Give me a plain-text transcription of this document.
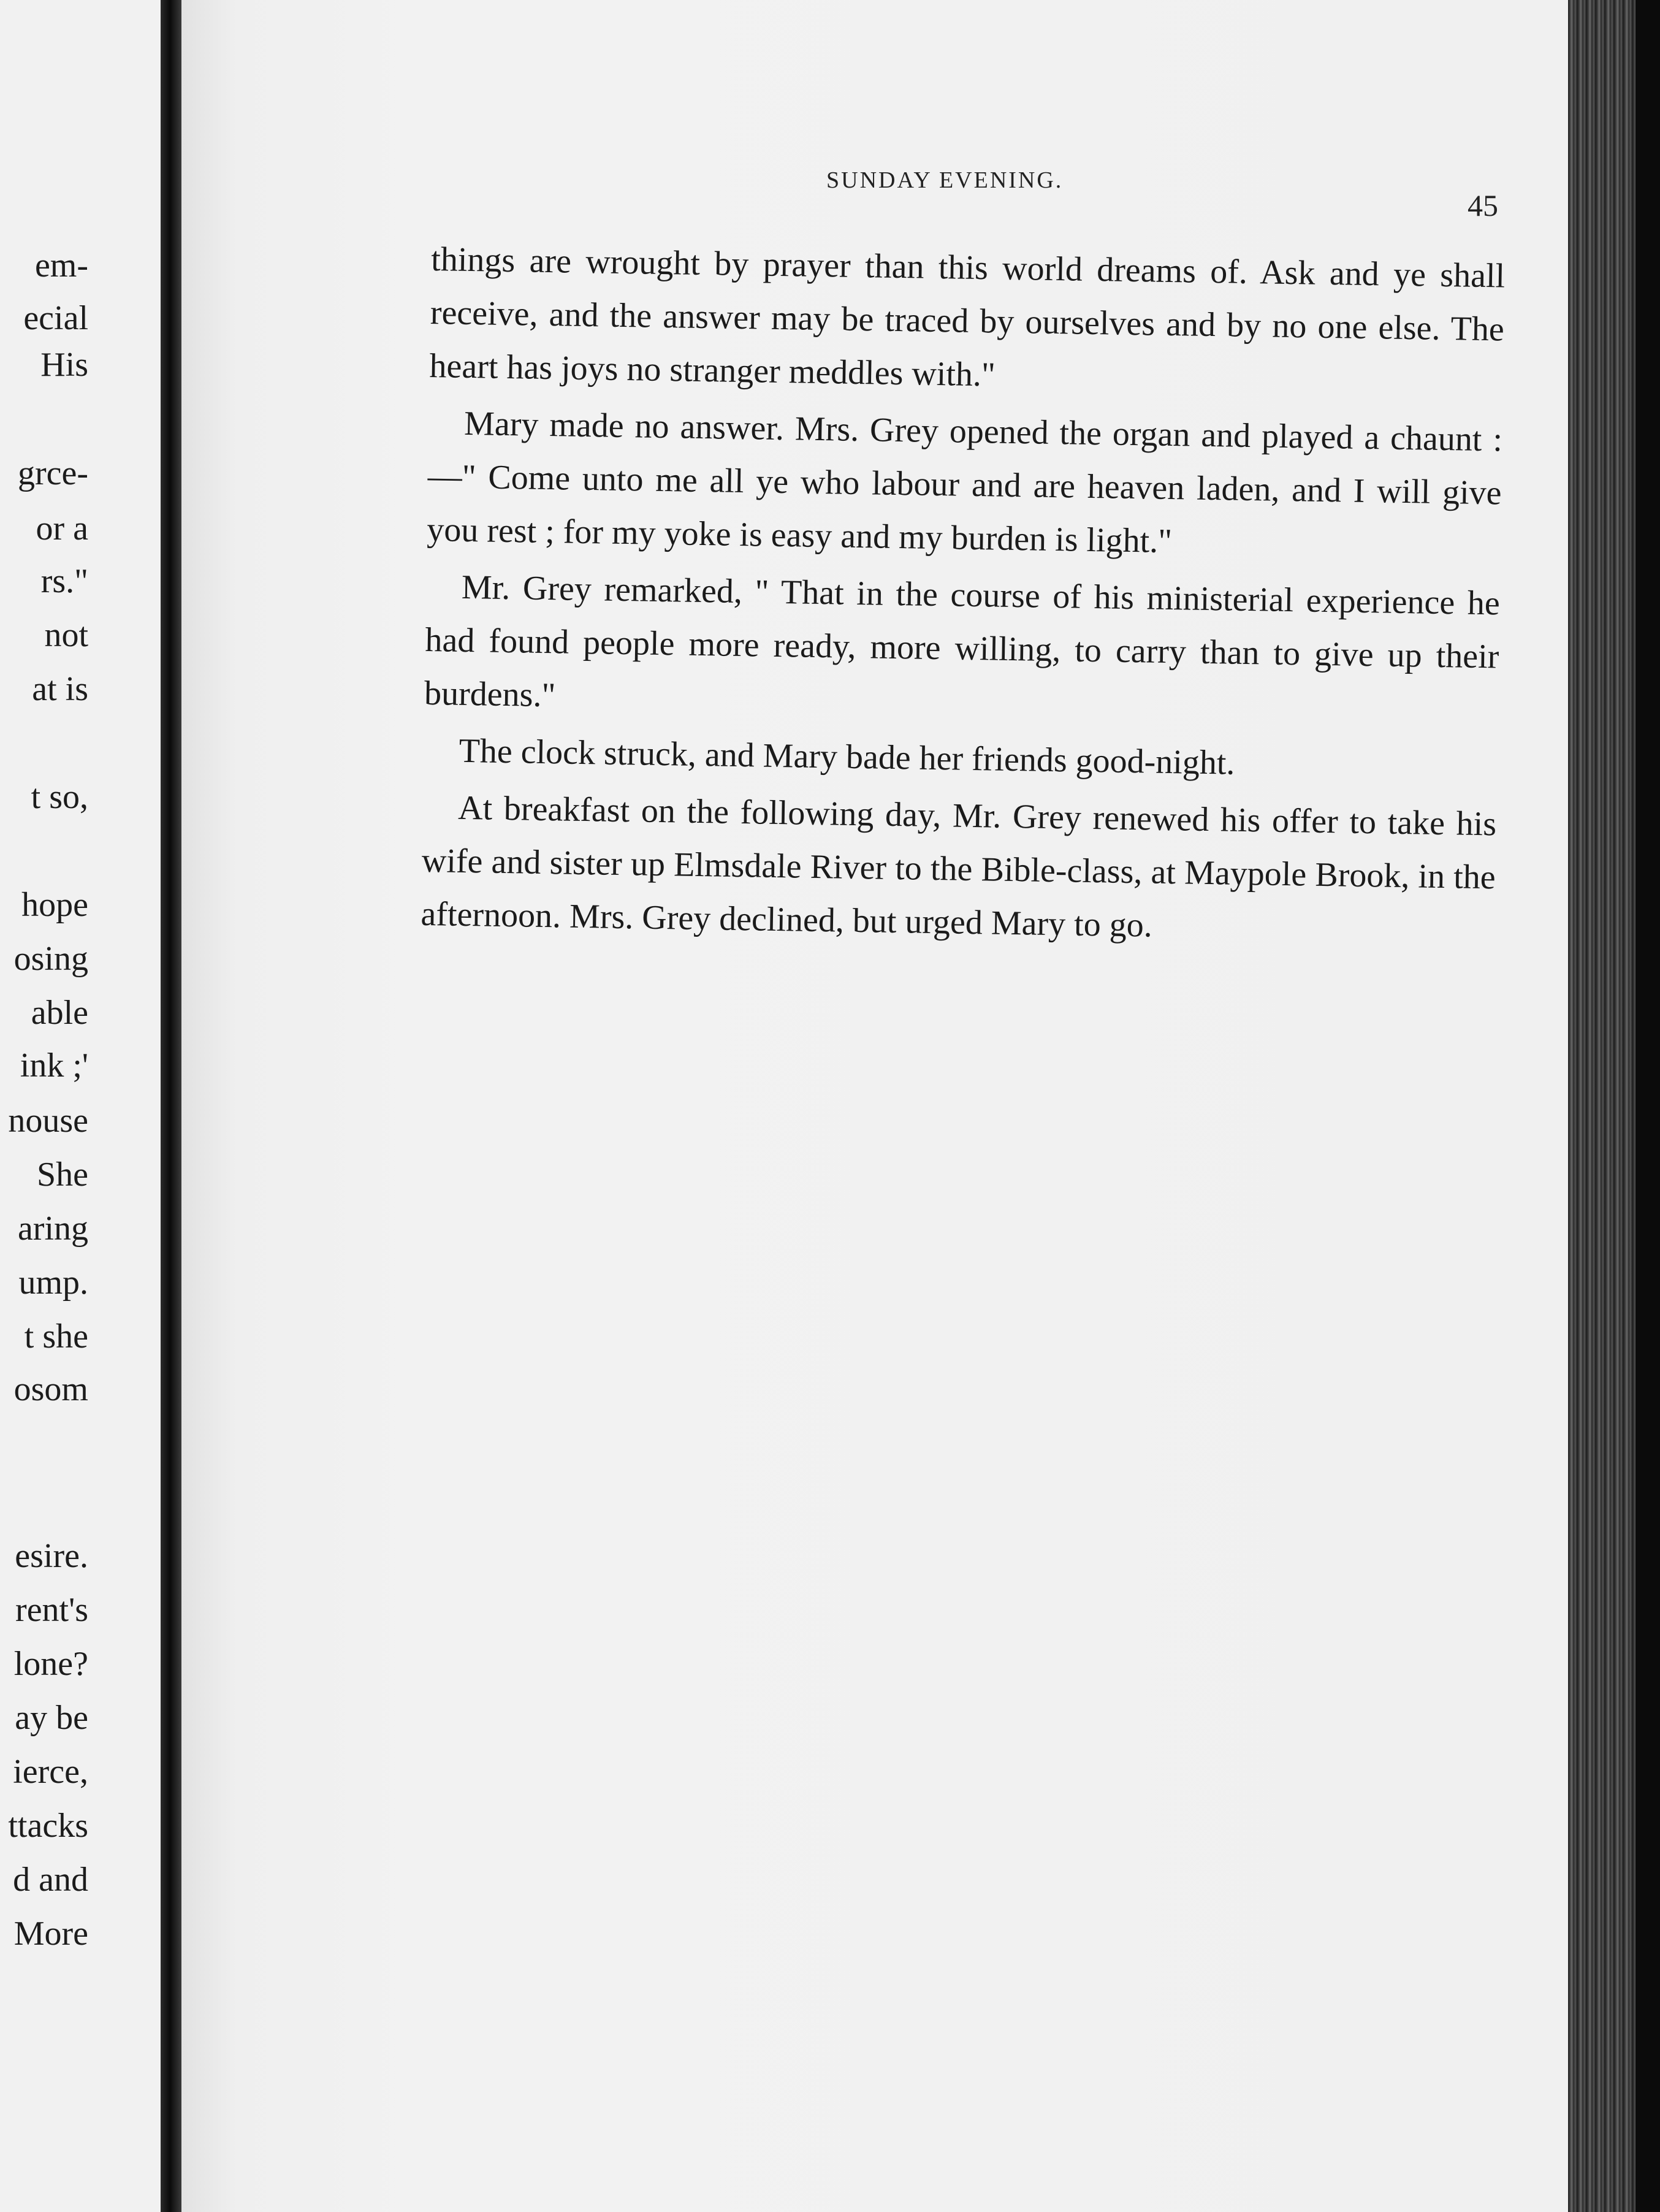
em-
ecial
His
grce-
or a
rs."
not
at is
t so,
hope
osing
able
ink ;'
nouse
She
aring
ump.
t she
osom
esire.
rent's
lone?
ay be
ierce,
ttacks
d and
More
SUNDAY EVENING.
45

things are wrought by prayer than this world dreams of. Ask and ye shall receive, and the answer may be traced by ourselves and by no one else. The heart has joys no stranger meddles with."

Mary made no answer. Mrs. Grey opened the organ and played a chaunt :—" Come unto me all ye who labour and are heaven laden, and I will give you rest ; for my yoke is easy and my burden is light."

Mr. Grey remarked, " That in the course of his ministerial experience he had found people more ready, more willing, to carry than to give up their burdens."

The clock struck, and Mary bade her friends good-night.

At breakfast on the following day, Mr. Grey renewed his offer to take his wife and sister up Elmsdale River to the Bible-class, at Maypole Brook, in the afternoon. Mrs. Grey declined, but urged Mary to go.
